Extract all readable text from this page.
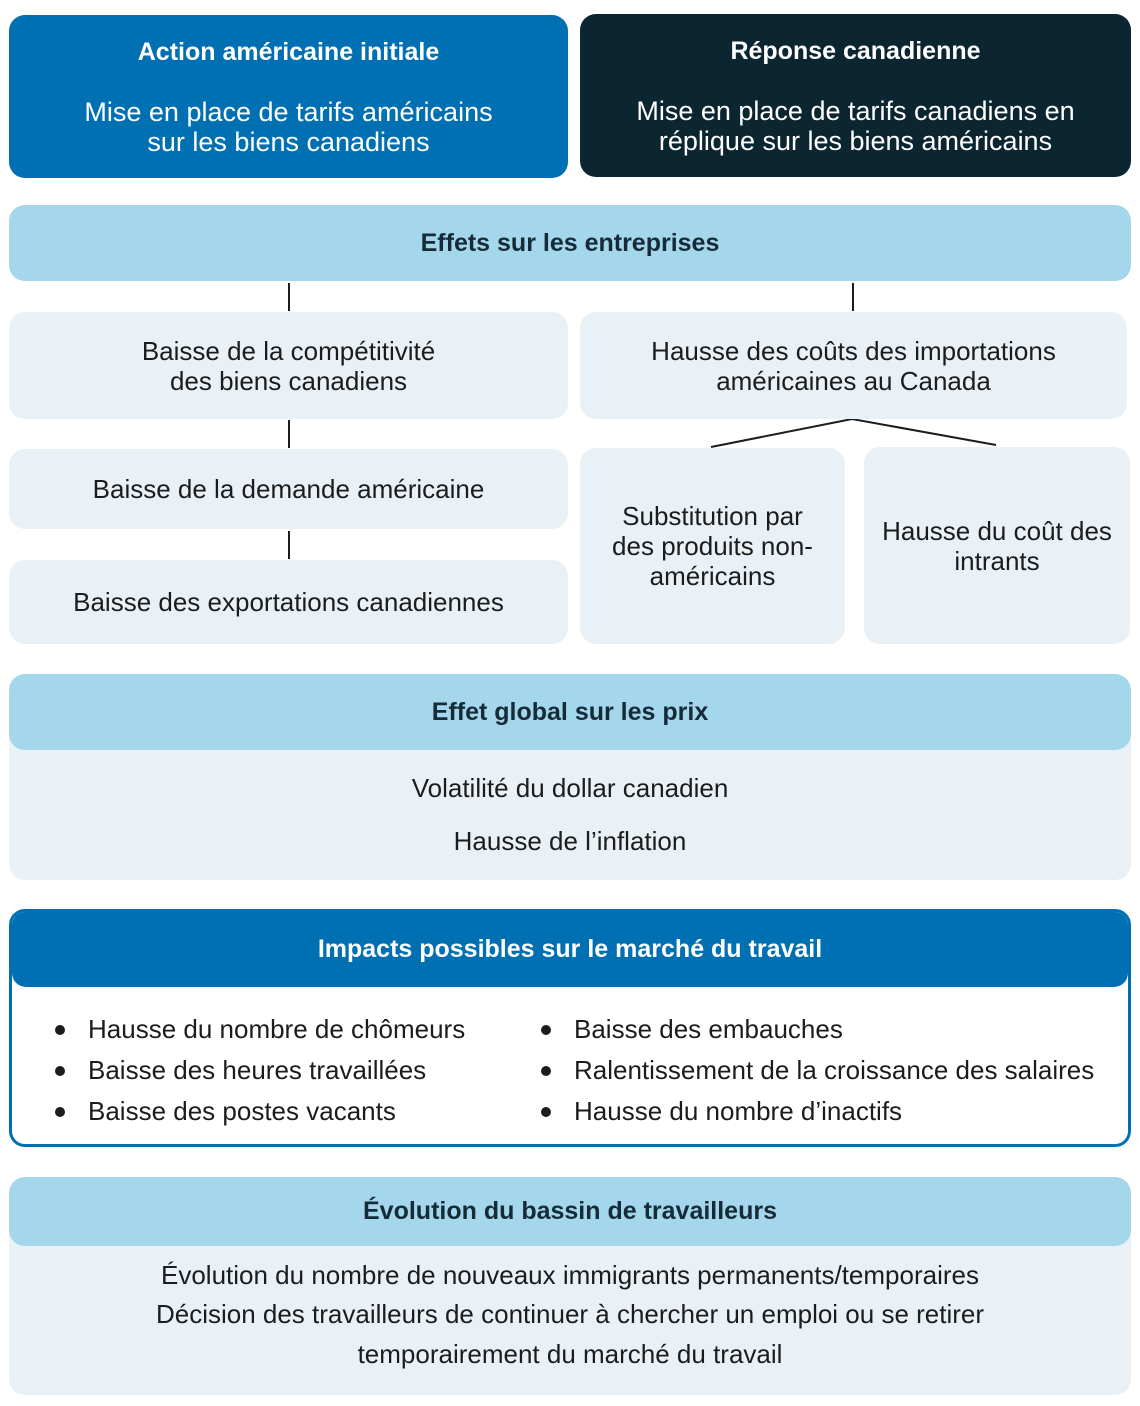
Action américaine initiale
Mise en place de tarifs américains
sur les biens canadiens
Réponse canadienne
Mise en place de tarifs canadiens en
réplique sur les biens américains
Effets sur les entreprises
Baisse de la compétitivité
des biens canadiens
Baisse de la demande américaine
Baisse des exportations canadiennes
Hausse des coûts des importations
américaines au Canada
Substitution par
des produits non-
américains
Hausse du coût des
intrants
Effet global sur les prix
Volatilité du dollar canadien
Hausse de l’inflation
Impacts possibles sur le marché du travail
Hausse du nombre de chômeurs
Baisse des heures travaillées
Baisse des postes vacants
Baisse des embauches
Ralentissement de la croissance des salaires
Hausse du nombre d’inactifs
Évolution du bassin de travailleurs
Évolution du nombre de nouveaux immigrants permanents/temporaires
Décision des travailleurs de continuer à chercher un emploi ou se retirer
temporairement du marché du travail
